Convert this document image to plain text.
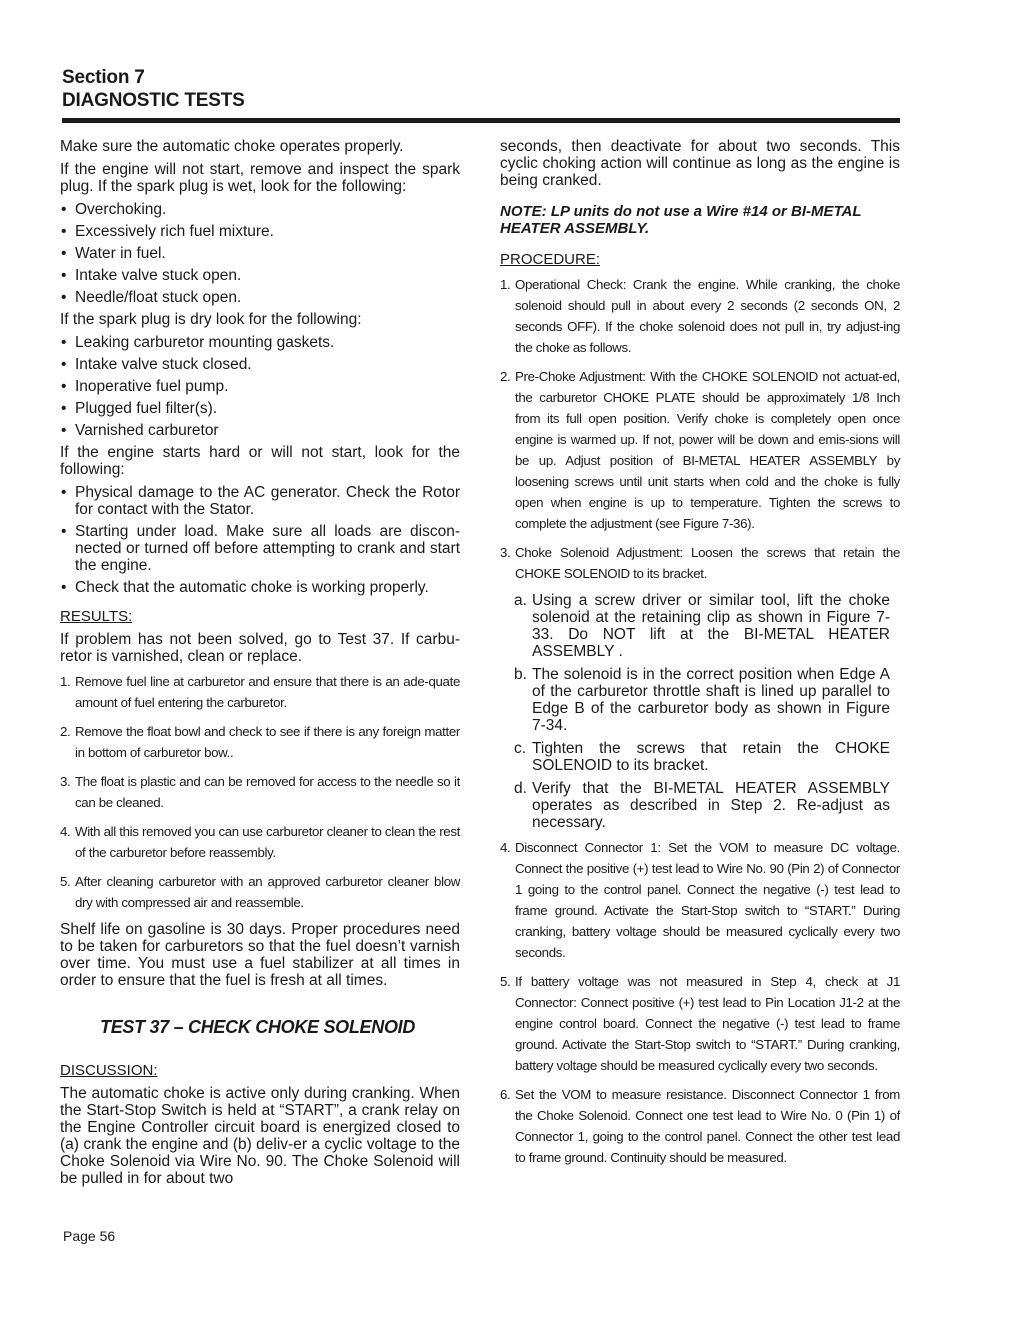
Section 7
DIAGNOSTIC TESTS
Make sure the automatic choke operates properly.
If the engine will not start, remove and inspect the spark plug. If the spark plug is wet, look for the following:
• Overchoking.
• Excessively rich fuel mixture.
• Water in fuel.
• Intake valve stuck open.
• Needle/float stuck open.
If the spark plug is dry look for the following:
• Leaking carburetor mounting gaskets.
• Intake valve stuck closed.
• Inoperative fuel pump.
• Plugged fuel filter(s).
• Varnished carburetor
If the engine starts hard or will not start, look for the following:
• Physical damage to the AC generator. Check the Rotor for contact with the Stator.
• Starting under load. Make sure all loads are discon-nected or turned off before attempting to crank and start the engine.
• Check that the automatic choke is working properly.
RESULTS:
If problem has not been solved, go to Test 37. If carbu-retor is varnished, clean or replace.
1. Remove fuel line at carburetor and ensure that there is an ade-quate amount of fuel entering the carburetor.
2. Remove the float bowl and check to see if there is any foreign matter in bottom of carburetor bow..
3. The float is plastic and can be removed for access to the needle so it can be cleaned.
4. With all this removed you can use carburetor cleaner to clean the rest of the carburetor before reassembly.
5. After cleaning carburetor with an approved carburetor cleaner blow dry with compressed air and reassemble.
Shelf life on gasoline is 30 days. Proper procedures need to be taken for carburetors so that the fuel doesn’t varnish over time. You must use a fuel stabilizer at all times in order to ensure that the fuel is fresh at all times.
TEST 37 – CHECK CHOKE SOLENOID
DISCUSSION:
The automatic choke is active only during cranking. When the Start-Stop Switch is held at “START”, a crank relay on the Engine Controller circuit board is energized closed to (a) crank the engine and (b) deliv-er a cyclic voltage to the Choke Solenoid via Wire No. 90. The Choke Solenoid will be pulled in for about two
seconds, then deactivate for about two seconds. This cyclic choking action will continue as long as the engine is being cranked.
NOTE: LP units do not use a Wire #14 or BI-METAL HEATER ASSEMBLY.
PROCEDURE:
1. Operational Check: Crank the engine. While cranking, the choke solenoid should pull in about every 2 seconds (2 seconds ON, 2 seconds OFF). If the choke solenoid does not pull in, try adjust-ing the choke as follows.
2. Pre-Choke Adjustment: With the CHOKE SOLENOID not actuat-ed, the carburetor CHOKE PLATE should be approximately 1/8 Inch from its full open position. Verify choke is completely open once engine is warmed up. If not, power will be down and emis-sions will be up. Adjust position of BI-METAL HEATER ASSEMBLY by loosening screws until unit starts when cold and the choke is fully open when engine is up to temperature. Tighten the screws to complete the adjustment (see Figure 7-36).
3. Choke Solenoid Adjustment: Loosen the screws that retain the CHOKE SOLENOID to its bracket.
a. Using a screw driver or similar tool, lift the choke solenoid at the retaining clip as shown in Figure 7-33. Do NOT lift at the BI-METAL HEATER ASSEMBLY .
b. The solenoid is in the correct position when Edge A of the carburetor throttle shaft is lined up parallel to Edge B of the carburetor body as shown in Figure 7-34.
c. Tighten the screws that retain the CHOKE SOLENOID to its bracket.
d. Verify that the BI-METAL HEATER ASSEMBLY operates as described in Step 2. Re-adjust as necessary.
4. Disconnect Connector 1: Set the VOM to measure DC voltage. Connect the positive (+) test lead to Wire No. 90 (Pin 2) of Connector 1 going to the control panel. Connect the negative (-) test lead to frame ground. Activate the Start-Stop switch to “START.” During cranking, battery voltage should be measured cyclically every two seconds.
5. If battery voltage was not measured in Step 4, check at J1 Connector: Connect positive (+) test lead to Pin Location J1-2 at the engine control board. Connect the negative (-) test lead to frame ground. Activate the Start-Stop switch to “START.” During cranking, battery voltage should be measured cyclically every two seconds.
6. Set the VOM to measure resistance. Disconnect Connector 1 from the Choke Solenoid. Connect one test lead to Wire No. 0 (Pin 1) of Connector 1, going to the control panel. Connect the other test lead to frame ground. Continuity should be measured.
Page 56
